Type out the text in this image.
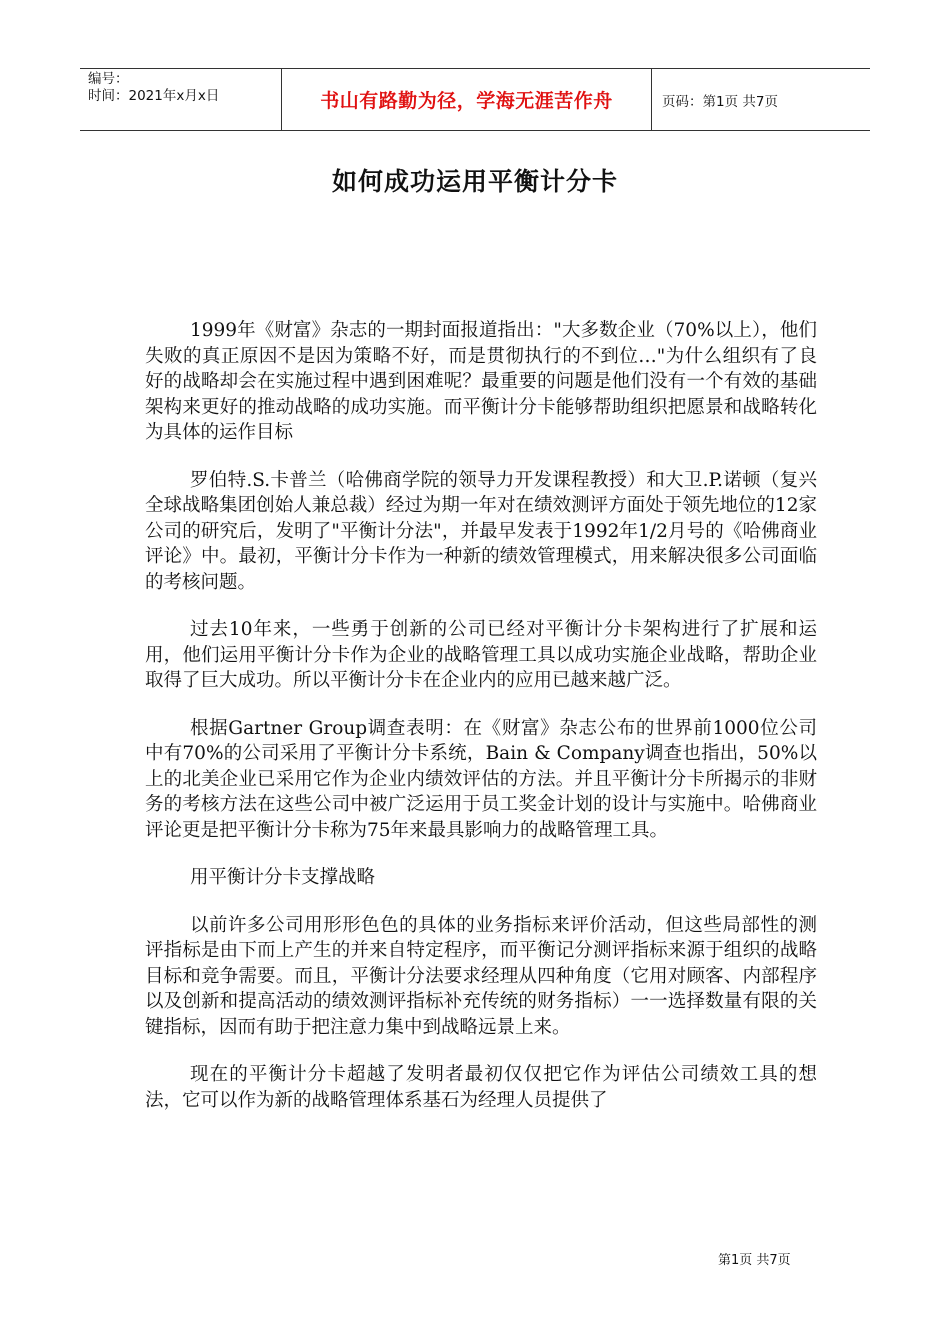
编号：
时间：2021年x月x日	书山有路勤为径，学海无涯苦作舟	页码：第1页 共7页
如何成功运用平衡计分卡

1999年《财富》杂志的一期封面报道指出："大多数企业（70%以上），他们失败的真正原因不是因为策略不好，而是贯彻执行的不到位…"为什么组织有了良好的战略却会在实施过程中遇到困难呢？最重要的问题是他们没有一个有效的基础架构来更好的推动战略的成功实施。而平衡计分卡能够帮助组织把愿景和战略转化为具体的运作目标

罗伯特.S.卡普兰（哈佛商学院的领导力开发课程教授）和大卫.P.诺顿（复兴全球战略集团创始人兼总裁）经过为期一年对在绩效测评方面处于领先地位的12家公司的研究后，发明了"平衡计分法"，并最早发表于1992年1/2月号的《哈佛商业评论》中。最初，平衡计分卡作为一种新的绩效管理模式，用来解决很多公司面临的考核问题。

过去10年来，一些勇于创新的公司已经对平衡计分卡架构进行了扩展和运用，他们运用平衡计分卡作为企业的战略管理工具以成功实施企业战略，帮助企业取得了巨大成功。所以平衡计分卡在企业内的应用已越来越广泛。

根据Gartner Group调查表明：在《财富》杂志公布的世界前1000位公司中有70%的公司采用了平衡计分卡系统，Bain & Company调查也指出，50%以上的北美企业已采用它作为企业内绩效评估的方法。并且平衡计分卡所揭示的非财务的考核方法在这些公司中被广泛运用于员工奖金计划的设计与实施中。哈佛商业评论更是把平衡计分卡称为75年来最具影响力的战略管理工具。

用平衡计分卡支撑战略

以前许多公司用形形色色的具体的业务指标来评价活动，但这些局部性的测评指标是由下而上产生的并来自特定程序，而平衡记分测评指标来源于组织的战略目标和竞争需要。而且，平衡计分法要求经理从四种角度（它用对顾客、内部程序以及创新和提高活动的绩效测评指标补充传统的财务指标）一一选择数量有限的关键指标，因而有助于把注意力集中到战略远景上来。

现在的平衡计分卡超越了发明者最初仅仅把它作为评估公司绩效工具的想法，它可以作为新的战略管理体系基石为经理人员提供了

第1页 共7页
